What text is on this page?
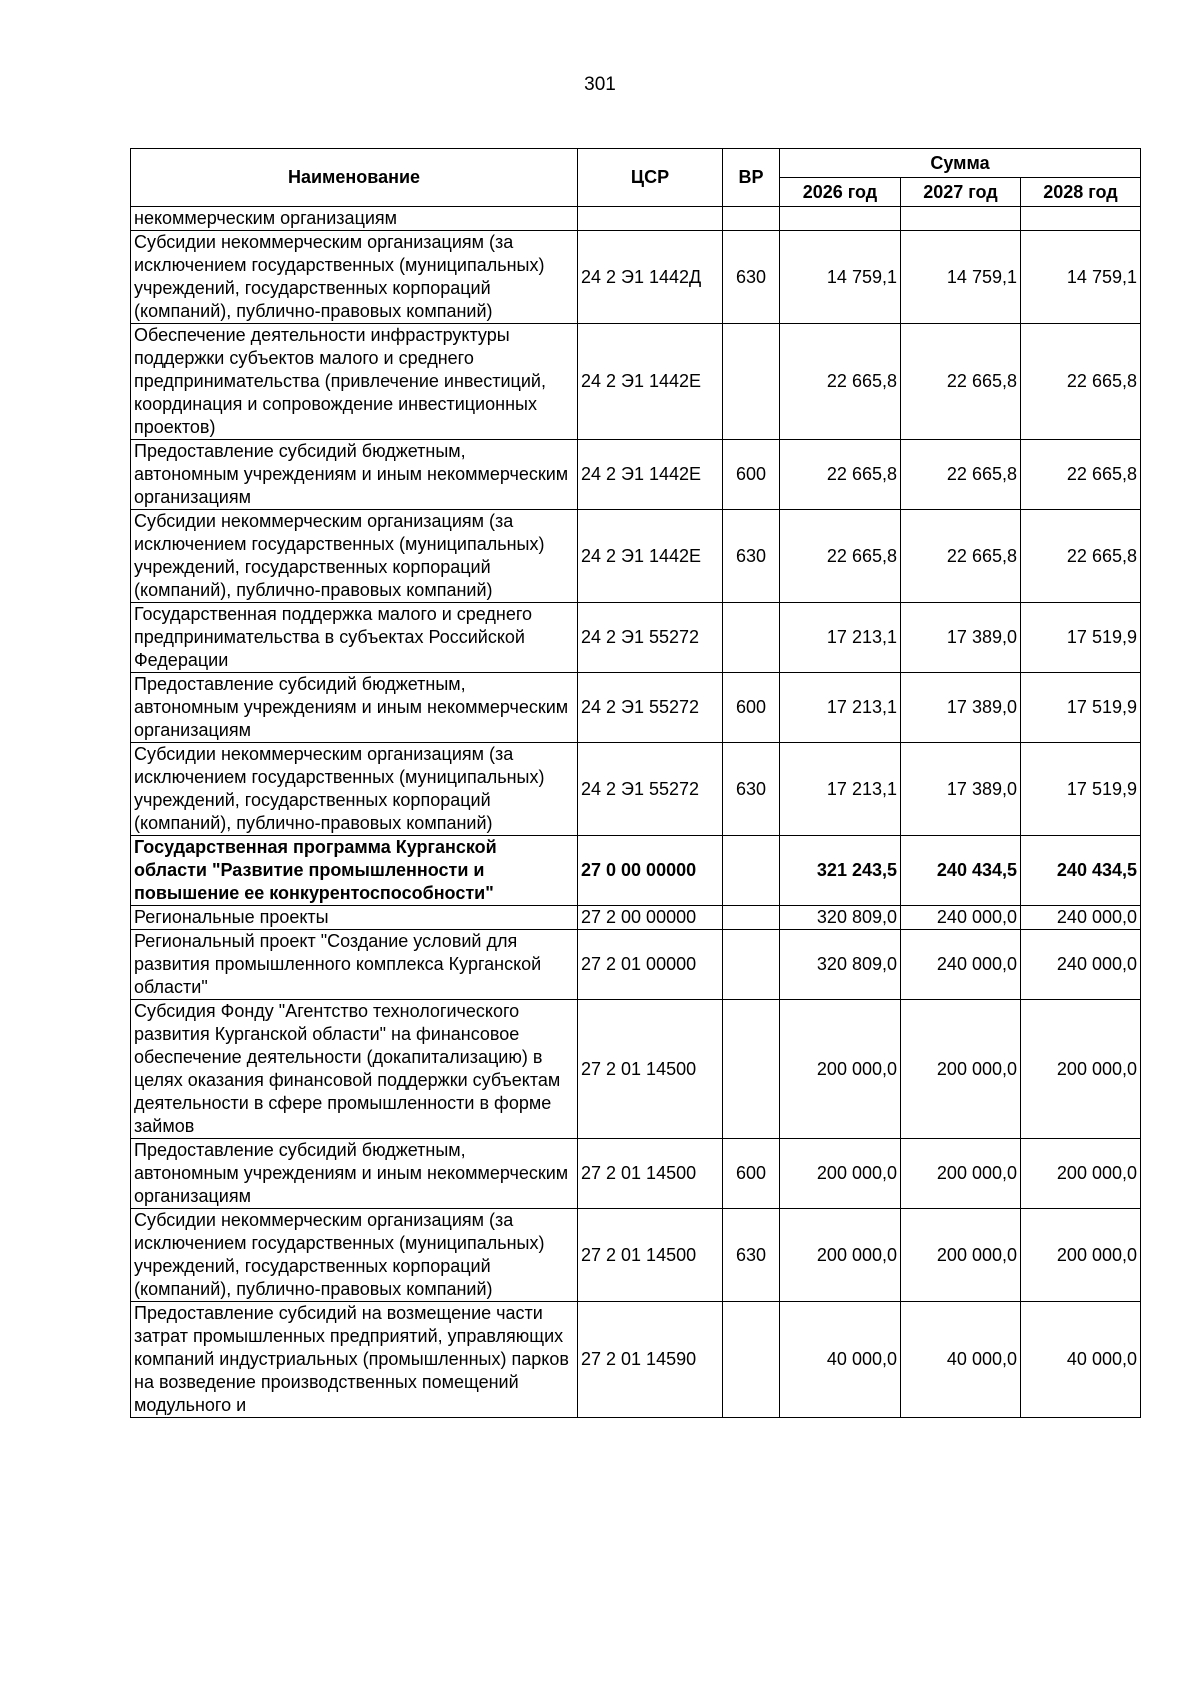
301
Наименование	ЦСР	ВР	Сумма		
			2026 год	2027 год	2028 год
некоммерческим организациям					
Субсидии некоммерческим организациям (за исключением государственных (муниципальных) учреждений, государственных корпораций (компаний), публично-правовых компаний)	24 2 Э1 1442Д	630	14 759,1	14 759,1	14 759,1
Обеспечение деятельности инфраструктуры поддержки субъектов малого и среднего предпринимательства (привлечение инвестиций, координация и сопровождение инвестиционных проектов)	24 2 Э1 1442Е		22 665,8	22 665,8	22 665,8
Предоставление субсидий бюджетным, автономным учреждениям и иным некоммерческим организациям	24 2 Э1 1442Е	600	22 665,8	22 665,8	22 665,8
Субсидии некоммерческим организациям (за исключением государственных (муниципальных) учреждений, государственных корпораций (компаний), публично-правовых компаний)	24 2 Э1 1442Е	630	22 665,8	22 665,8	22 665,8
Государственная поддержка малого и среднего предпринимательства в субъектах Российской Федерации	24 2 Э1 55272		17 213,1	17 389,0	17 519,9
Предоставление субсидий бюджетным, автономным учреждениям и иным некоммерческим организациям	24 2 Э1 55272	600	17 213,1	17 389,0	17 519,9
Субсидии некоммерческим организациям (за исключением государственных (муниципальных) учреждений, государственных корпораций (компаний), публично-правовых компаний)	24 2 Э1 55272	630	17 213,1	17 389,0	17 519,9
Государственная программа Курганской области "Развитие промышленности и повышение ее конкурентоспособности"	27 0 00 00000		321 243,5	240 434,5	240 434,5
Региональные проекты	27 2 00 00000		320 809,0	240 000,0	240 000,0
Региональный проект "Создание условий для развития промышленного комплекса Курганской области"	27 2 01 00000		320 809,0	240 000,0	240 000,0
Субсидия Фонду "Агентство технологического развития Курганской области" на финансовое обеспечение деятельности (докапитализацию) в целях оказания финансовой поддержки субъектам деятельности в сфере промышленности в форме займов	27 2 01 14500		200 000,0	200 000,0	200 000,0
Предоставление субсидий бюджетным, автономным учреждениям и иным некоммерческим организациям	27 2 01 14500	600	200 000,0	200 000,0	200 000,0
Субсидии некоммерческим организациям (за исключением государственных (муниципальных) учреждений, государственных корпораций (компаний), публично-правовых компаний)	27 2 01 14500	630	200 000,0	200 000,0	200 000,0
Предоставление субсидий на возмещение части затрат промышленных предприятий, управляющих компаний индустриальных (промышленных) парков на возведение производственных помещений модульного и	27 2 01 14590		40 000,0	40 000,0	40 000,0
